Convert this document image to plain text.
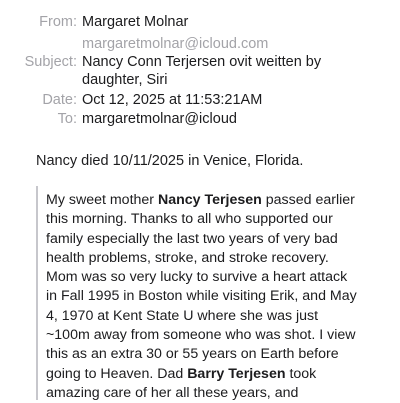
From: Margaret Molnar
margaretmolnar@icloud.com
Subject: Nancy Conn Terjersen ovit weitten by
daughter, Siri
Date: Oct 12, 2025 at 11:53:21AM
To: margaretmolnar@icloud
Nancy died 10/11/2025 in Venice, Florida.
My sweet mother Nancy Terjesen passed earlier
this morning. Thanks to all who supported our
family especially the last two years of very bad
health problems, stroke, and stroke recovery.
Mom was so very lucky to survive a heart attack
in Fall 1995 in Boston while visiting Erik, and May
4, 1970 at Kent State U where she was just
~100m away from someone who was shot. I view
this as an extra 30 or 55 years on Earth before
going to Heaven. Dad Barry Terjesen took
amazing care of her all these years, and
